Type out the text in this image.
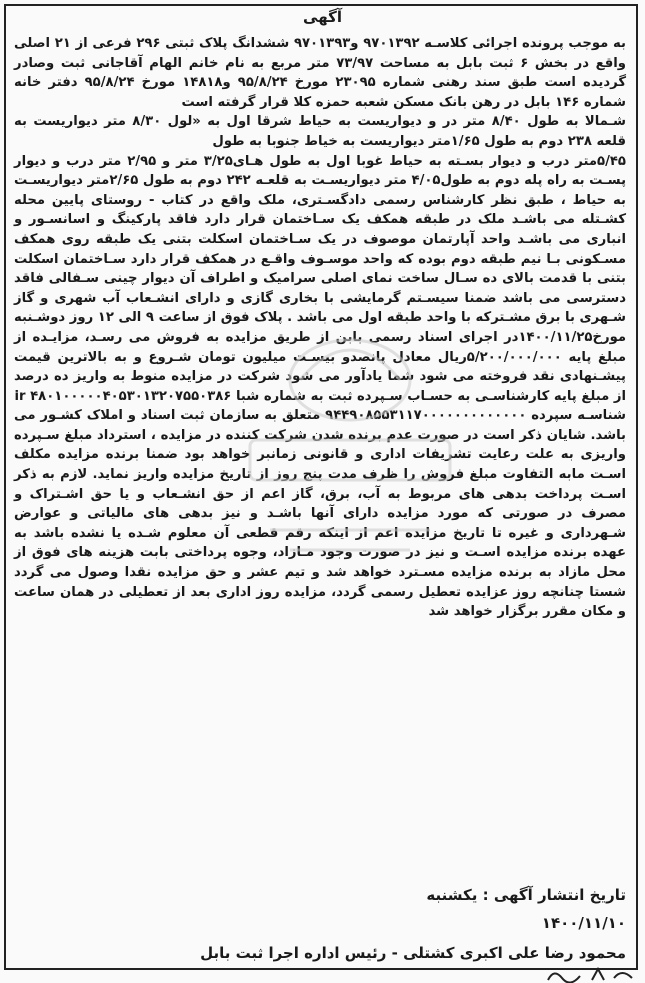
آگهی

به موجب پرونده اجرائی کلاسـه ۹۷۰۱۳۹۲ و۹۷۰۱۳۹۳ ششدانگ پلاک ثبتی ۲۹۶ فرعی از ۲۱ اصلی واقع در بخش ۶ ثبت بابل به مساحت ۷۳/۹۷ متر مربع به نام خانم الهام آقاجانی ثبت وصادر گردیده است طبق سند رهنی شماره ۲۳۰۹۵ مورخ ۹۵/۸/۲۴ و۱۴۸۱۸ مورخ ۹۵/۸/۲۴ دفتر خانه شماره ۱۴۶ بابل در رهن بانک مسکن شعبه حمزه کلا قرار گرفته است

شـمالا به طول ۸/۴۰ متر در و دیواریست به حیاط شرقا اول به «لول ۸/۳۰ متر دیواریست به قلعه ۲۳۸ دوم به طول ۱/۶۵متر دیواریست به خیاط جنوبا به طول

۵/۴۵متر درب و دیوار بسـته به حیاط غوبا اول به طول هـای۳/۲۵ متر و ۲/۹۵ متر درب و دیوار پسـت به راه پله دوم به طول۴/۰۵ متر دیواریسـت به قلعـه ۲۴۲ دوم به طول ۲/۶۵متر دیواریسـت به حیاط ، طبق نظر کارشناس رسمی دادگسـتری، ملک واقع در کتاب - روستای پایین محله کشـتله می باشـد ملک در طبقه همکف یک سـاختمان قرار دارد فاقد پارکینگ و اسانسـور و انباری می باشـد واحد آپارتمان موصوف در یک سـاختمان اسکلت بتنی یک طبقه روی همکف مسـکونی بـا نیم طبقه دوم بوده که واحد موسـوف واقـع در همکف قرار دارد سـاختمان اسکلت بتنی با قدمت بالای ده سـال ساخت نمای اصلی سرامیک و اطراف آن دیوار چینی سـفالی فاقد دسترسی می باشد ضمنا سیسـتم گرمایشی با بخاری گازی و دارای انشـعاب آب شهری و گاز شـهری با برق مشـترکه با واحد طبقه اول می باشد . پلاک فوق از ساعت ۹ الی ۱۲ روز دوشـنبه مورخ۱۴۰۰/۱۱/۲۵در اجرای اسناد رسمی بابن از طریق مزایده به فروش می رسـد، مزایـده از مبلغ پایه ۵/۲۰۰/۰۰۰/۰۰۰ریال معادل پانصدو بیسـت میلیون تومان شـروع و به بالاترین قیمت پیشـنهادی نقد فروخته می شود شما یادآور می شود شرکت در مزایده منوط به واریز ده درصد از مبلغ پایه کارشناسـی به حسـاب سـپرده ثبت به شماره شبا ir ۴۸۰۱۰۰۰۰۰۴۰۵۳۰۱۳۲۰۷۵۵۰۳۸۶

شناسـه سپرده ۹۴۴۹۰۸۵۵۳۱۱۷۰۰۰۰۰۰۰۰۰۰۰۰۰ متعلق به سازمان ثبت اسناد و املاک کشـور می باشد. شایان ذکر است در صورت عدم برنده شدن شرکت کننده در مزایده ، استرداد مبلغ سـپرده واریزی به علت رعایت تشریفات اداری و قانونی زمانبر خواهد بود ضمنا برنده مزایده مکلف اسـت مابه التفاوت مبلغ فروش را ظرف مدت پنج روز از تاریخ مزایده واریز نماید. لازم به ذکر اسـت پرداخت بدهی های مربوط به آب، برق، گاز اعم از حق انشـعاب و یا حق اشـتراک و مصرف در صورتی که مورد مزایده دارای آنها باشـد و نیز بدهی های مالیاتی و عوارض شـهرداری و غیره تا تاریخ مزایده اعم از اینکه رقم قطعی آن معلوم شـده یا نشده باشد به عهده برنده مزایده اسـت و نیز در صورت وجود مـازاد، وجوه پرداختی بابت هزینه های فوق از محل مازاد به برنده مزایده مسـترد خواهد شد و تیم عشر و حق مزایده نقدا وصول می گردد شستا چنانچه روز عزایده تعطیل رسمی گردد، مزایده روز اداری بعد از تعطیلی در همان ساعت و مکان مقرر برگزار خواهد شد

تاریخ انتشار آگهی : یکشنبه
۱۴۰۰/۱۱/۱۰
محمود رضا علی اکبری کشتلی - رئیس اداره اجرا ثبت بابل
